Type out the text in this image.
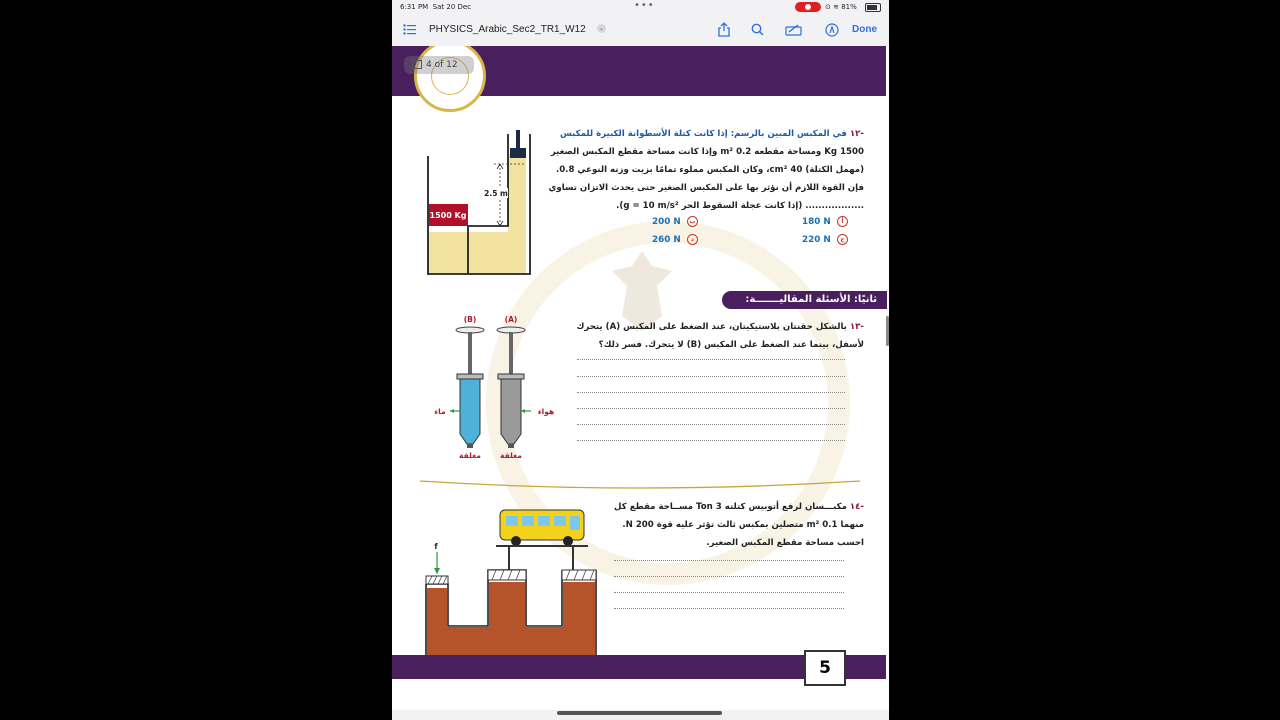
6:31 PM Sat 20 Dec	•••	⊙ ≋ 81%
PHYSICS_Arabic_Sec2_TR1_W12	⌄	Done
4 of 12
1500 Kg
2.5 m
-١٢ في المكبس المبين بالرسم: إذا كانت كتلة الأسطوانة الكبيرة للمكبس
1500 Kg ومساحة مقطعه 0.2 m² وإذا كانت مساحة مقطع المكبس الصغير
(مهمل الكتلة) 40 cm²، وكان المكبس مملوء تمامًا بزيت وزنه النوعي 0.8.
فإن القوة اللازم أن نؤثر بها على المكبس الصغير حتى يحدث الاتزان تساوي
.................. (إذا كانت عجلة السقوط الحر g = 10 m/s²).
180 N أ
200 N ب
220 N ج
260 N د
ثانيًا: الأسئلة المقاليـــــــة:
(B)	(A)
ماء	هواء
مغلقة	مغلقة
-١٣ بالشكل حقنتان بلاستيكيتان، عند الضغط على المكبس (A) يتحرك
لأسفل، بينما عند الضغط على المكبس (B) لا يتحرك. فسر ذلك؟
f
-١٤ مكبـــسان لرفع أتوبيس كتلته 3 Ton مســاحة مقطع كل
منهما 0.1 m² متصلين بمكبس ثالث تؤثر عليه قوة 200 N.
احسب مساحة مقطع المكبس الصغير.
5
